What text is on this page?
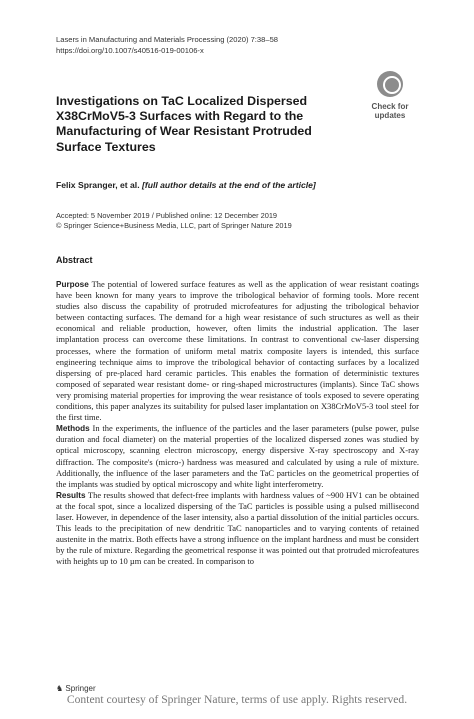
Lasers in Manufacturing and Materials Processing (2020) 7:38–58
https://doi.org/10.1007/s40516-019-00106-x
Check for
updates
Investigations on TaC Localized Dispersed X38CrMoV5-3 Surfaces with Regard to the Manufacturing of Wear Resistant Protruded Surface Textures
Felix Spranger, et al. [full author details at the end of the article]
Accepted: 5 November 2019 / Published online: 12 December 2019
© Springer Science+Business Media, LLC, part of Springer Nature 2019
Abstract

Purpose The potential of lowered surface features as well as the application of wear resistant coatings have been known for many years to improve the tribological behavior of forming tools. More recent studies also discuss the capability of protruded microfeatures for adjusting the tribological behavior between contacting surfaces. The demand for a high wear resistance of such structures as well as their economical and reliable production, however, often limits the industrial application. The laser implantation process can overcome these limitations. In contrast to conventional cw-laser dispersing processes, where the formation of uniform metal matrix composite layers is intended, this surface engineering technique aims to improve the tribological behavior of contacting surfaces by a localized dispersing of pre-placed hard ceramic particles. This enables the formation of deterministic textures composed of separated wear resistant dome- or ring-shaped microstructures (implants). Since TaC shows very promising material properties for improving the wear resistance of tools exposed to severe operating conditions, this paper analyzes its suitability for pulsed laser implantation on X38CrMoV5-3 tool steel for the first time.

Methods In the experiments, the influence of the particles and the laser parameters (pulse power, pulse duration and focal diameter) on the material properties of the localized dispersed zones was studied by optical microscopy, scanning electron microscopy, energy dispersive X-ray spectroscopy and X-ray diffraction. The composite's (micro-) hardness was measured and calculated by using a rule of mixture. Additionally, the influence of the laser parameters and the TaC particles on the geometrical properties of the implants was studied by optical microscopy and white light interferometry.

Results The results showed that defect-free implants with hardness values of ~900 HV1 can be obtained at the focal spot, since a localized dispersing of the TaC particles is possible using a pulsed millisecond laser. However, in dependence of the laser intensity, also a partial dissolution of the initial particles occurs. This leads to the precipitation of new dendritic TaC nanoparticles and to varying contents of retained austenite in the matrix. Both effects have a strong influence on the implant hardness and must be considert by the rule of mixture. Regarding the geometrical response it was pointed out that protruded microfeatures with heights up to 10 µm can be created. In comparison to

♞ Springer
Content courtesy of Springer Nature, terms of use apply. Rights reserved.
